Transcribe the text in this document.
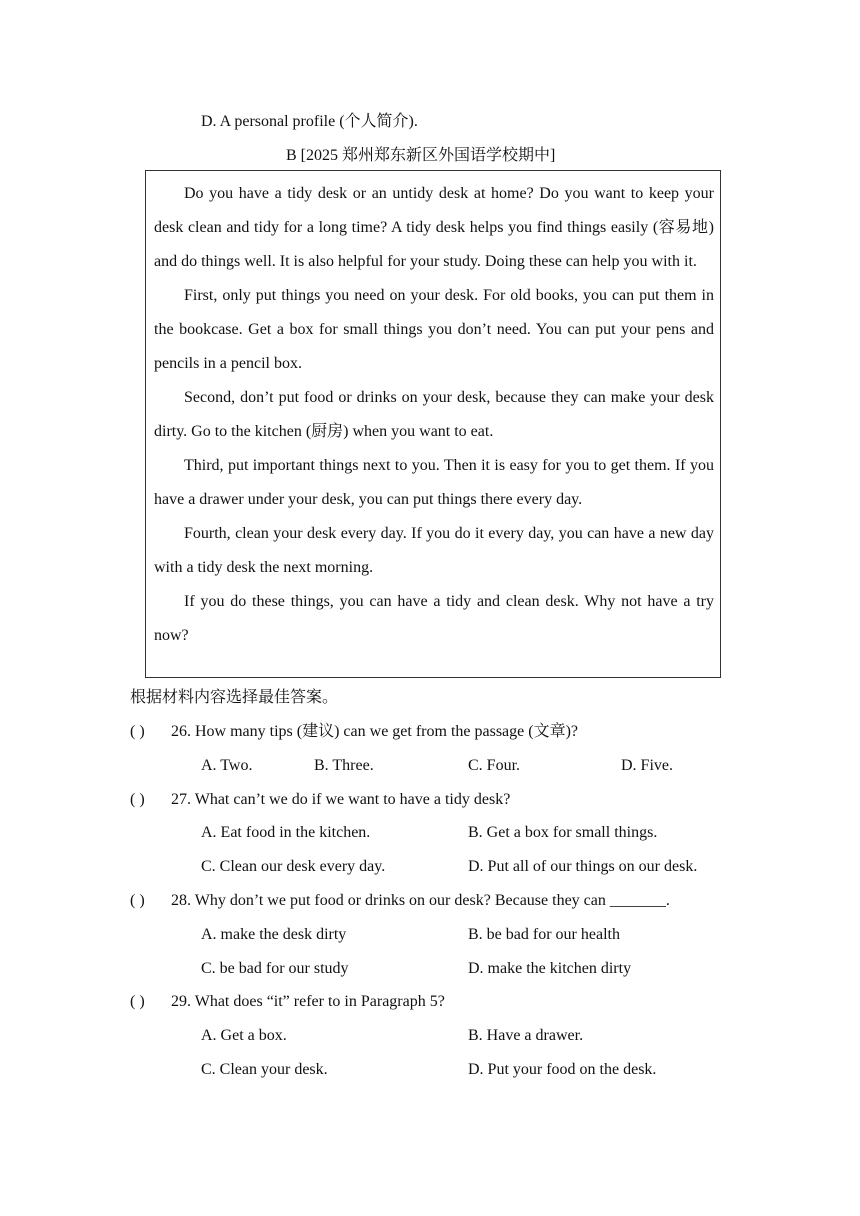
D. A personal profile (个人简介).
B [2025 郑州郑东新区外国语学校期中]

Do you have a tidy desk or an untidy desk at home? Do you want to keep your desk clean and tidy for a long time? A tidy desk helps you find things easily (容易地) and do things well. It is also helpful for your study. Doing these can help you with it.

First, only put things you need on your desk. For old books, you can put them in the bookcase. Get a box for small things you don’t need. You can put your pens and pencils in a pencil box.

Second, don’t put food or drinks on your desk, because they can make your desk dirty. Go to the kitchen (厨房) when you want to eat.

Third, put important things next to you. Then it is easy for you to get them. If you have a drawer under your desk, you can put things there every day.

Fourth, clean your desk every day. If you do it every day, you can have a new day with a tidy desk the next morning.

If you do these things, you can have a tidy and clean desk. Why not have a try now?

根据材料内容选择最佳答案。
( ) 26. How many tips (建议) can we get from the passage (文章)?
A. Two.	B. Three.	C. Four.	D. Five.
( ) 27. What can’t we do if we want to have a tidy desk?
A. Eat food in the kitchen.	B. Get a box for small things.
C. Clean our desk every day.	D. Put all of our things on our desk.
( ) 28. Why don’t we put food or drinks on our desk? Because they can _______.
A. make the desk dirty	B. be bad for our health
C. be bad for our study	D. make the kitchen dirty
( ) 29. What does “it” refer to in Paragraph 5?
A. Get a box.	B. Have a drawer.
C. Clean your desk.	D. Put your food on the desk.
